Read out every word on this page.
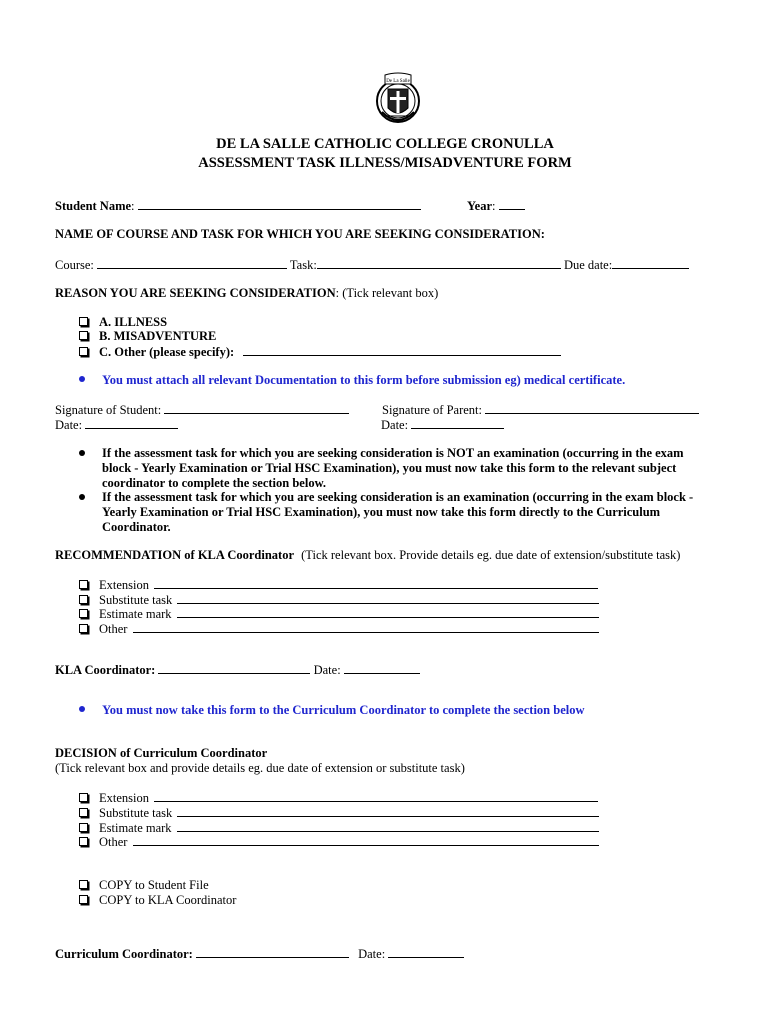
De La Salle
DE LA SALLE CATHOLIC COLLEGE CRONULLA
ASSESSMENT TASK ILLNESS/MISADVENTURE FORM
Student Name:	Year:
NAME OF COURSE AND TASK FOR WHICH YOU ARE SEEKING CONSIDERATION:
Course:	Task:	Due date:
REASON YOU ARE SEEKING CONSIDERATION: (Tick relevant box)
A. ILLNESS
B. MISADVENTURE
C. Other (please specify):
You must attach all relevant Documentation to this form before submission eg) medical certificate.
Signature of Student:	Signature of Parent:
Date:	Date:
If the assessment task for which you are seeking consideration is NOT an examination (occurring in the exam block - Yearly Examination or Trial HSC Examination), you must now take this form to the relevant subject coordinator to complete the section below.
If the assessment task for which you are seeking consideration is an examination (occurring in the exam block - Yearly Examination or Trial HSC Examination), you must now take this form directly to the Curriculum Coordinator.
RECOMMENDATION of KLA Coordinator (Tick relevant box. Provide details eg. due date of extension/substitute task)
Extension
Substitute task
Estimate mark
Other
KLA Coordinator:	Date:
You must now take this form to the Curriculum Coordinator to complete the section below
DECISION of Curriculum Coordinator
(Tick relevant box and provide details eg. due date of extension or substitute task)
Extension
Substitute task
Estimate mark
Other
COPY to Student File
COPY to KLA Coordinator
Curriculum Coordinator:	Date:
